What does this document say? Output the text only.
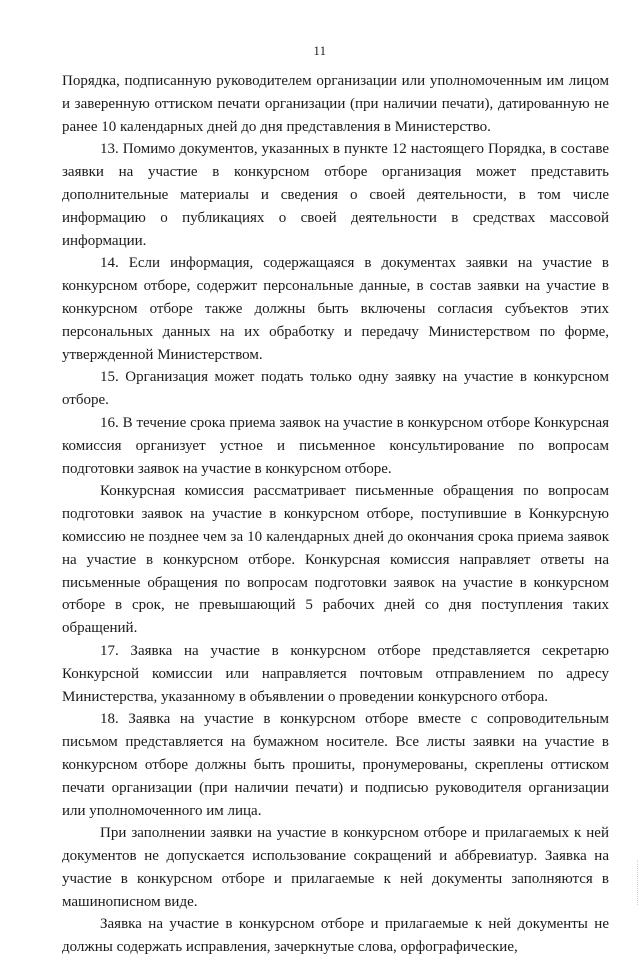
11

Порядка, подписанную руководителем организации или уполномоченным им лицом и заверенную оттиском печати организации (при наличии печати), датированную не ранее 10 календарных дней до дня представления в Министерство.

13. Помимо документов, указанных в пункте 12 настоящего Порядка, в составе заявки на участие в конкурсном отборе организация может представить дополнительные материалы и сведения о своей деятельности, в том числе информацию о публикациях о своей деятельности в средствах массовой информации.

14. Если информация, содержащаяся в документах заявки на участие в конкурсном отборе, содержит персональные данные, в состав заявки на участие в конкурсном отборе также должны быть включены согласия субъектов этих персональных данных на их обработку и передачу Министерством по форме, утвержденной Министерством.

15. Организация может подать только одну заявку на участие в конкурсном отборе.

16. В течение срока приема заявок на участие в конкурсном отборе Конкурсная комиссия организует устное и письменное консультирование по вопросам подготовки заявок на участие в конкурсном отборе.

Конкурсная комиссия рассматривает письменные обращения по вопросам подготовки заявок на участие в конкурсном отборе, поступившие в Конкурсную комиссию не позднее чем за 10 календарных дней до окончания срока приема заявок на участие в конкурсном отборе. Конкурсная комиссия направляет ответы на письменные обращения по вопросам подготовки заявок на участие в конкурсном отборе в срок, не превышающий 5 рабочих дней со дня поступления таких обращений.

17. Заявка на участие в конкурсном отборе представляется секретарю Конкурсной комиссии или направляется почтовым отправлением по адресу Министерства, указанному в объявлении о проведении конкурсного отбора.

18. Заявка на участие в конкурсном отборе вместе с сопроводительным письмом представляется на бумажном носителе. Все листы заявки на участие в конкурсном отборе должны быть прошиты, пронумерованы, скреплены оттиском печати организации (при наличии печати) и подписью руководителя организации или уполномоченного им лица.

При заполнении заявки на участие в конкурсном отборе и прилагаемых к ней документов не допускается использование сокращений и аббревиатур. Заявка на участие в конкурсном отборе и прилагаемые к ней документы заполняются в машинописном виде.

Заявка на участие в конкурсном отборе и прилагаемые к ней документы не должны содержать исправления, зачеркнутые слова, орфографические,
